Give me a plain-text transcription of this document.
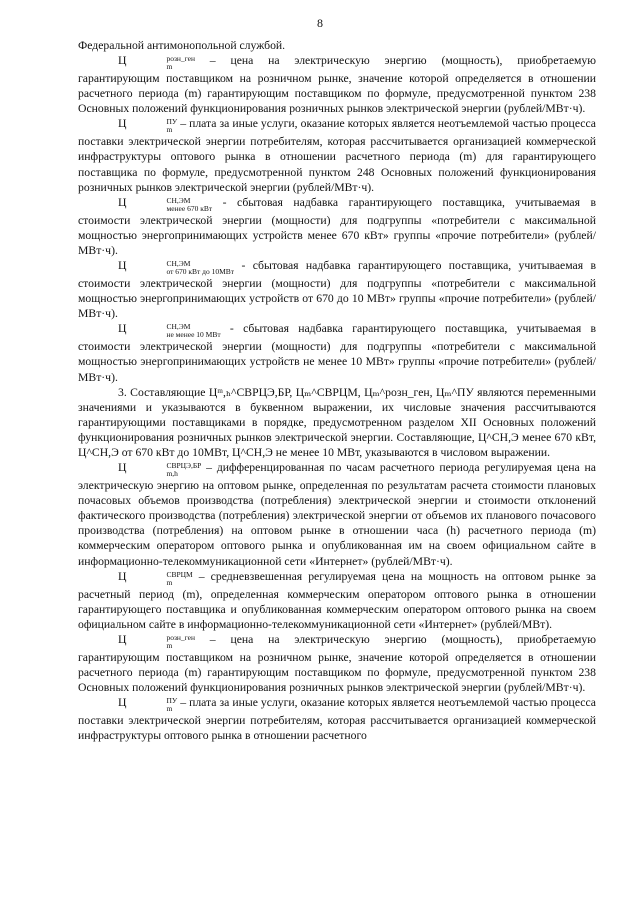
8

Федеральной антимонопольной службой.

Ц	розн_ген
m	– цена на электрическую энергию (мощность), приобретаемую гарантирующим поставщиком на розничном рынке, значение которой определяется в отношении расчетного периода (m) гарантирующим поставщиком по формуле, предусмотренной пунктом 238 Основных положений функционирования розничных рынков электрической энергии (рублей/МВт·ч).

Ц	ПУ
m – плата за иные услуги, оказание которых является неотъемлемой частью процесса поставки электрической энергии потребителям, которая рассчитывается организацией коммерческой инфраструктуры оптового рынка в отношении расчетного периода (m) для гарантирующего поставщика по формуле, предусмотренной пунктом 248 Основных положений функционирования розничных рынков электрической энергии (рублей/МВт·ч).

Ц	СН,ЭМ
менее 670 кВт - сбытовая надбавка гарантирующего поставщика, учитываемая в стоимости электрической энергии (мощности) для подгруппы «потребители с максимальной мощностью энергопринимающих устройств менее 670 кВт» группы «прочие потребители» (рублей/МВт·ч).

Ц	СН,ЭМ
от 670 кВт до 10МВт - сбытовая надбавка гарантирующего поставщика, учитываемая в стоимости электрической энергии (мощности) для подгруппы «потребители с максимальной мощностью энергопринимающих устройств от 670 до 10 МВт» группы «прочие потребители» (рублей/МВт·ч).

Ц	СН,ЭМ
не менее 10 МВт - сбытовая надбавка гарантирующего поставщика, учитываемая в стоимости электрической энергии (мощности) для подгруппы «потребители с максимальной мощностью энергопринимающих устройств не менее 10 МВт» группы «прочие потребители» (рублей/МВт·ч).

3. Составляющие Цᵐ,ₕ^СВРЦЭ,БР, Цₘ^СВРЦМ, Цₘ^розн_ген, Цₘ^ПУ являются переменными значениями и указываются в буквенном выражении, их числовые значения рассчитываются гарантирующими поставщиками в порядке, предусмотренном разделом XII Основных положений функционирования розничных рынков электрической энергии. Составляющие, Ц^СН,Э менее 670 кВт, Ц^СН,Э от 670 кВт до 10МВт, Ц^СН,Э не менее 10 МВт, указываются в числовом выражении.

Ц	СВРЦЭ,БР
m,h	– дифференцированная по часам расчетного периода регулируемая цена на электрическую энергию на оптовом рынке, определенная по результатам расчета стоимости плановых почасовых объемов производства (потребления) электрической энергии и стоимости отклонений фактического производства (потребления) электрической энергии от объемов их планового почасового производства (потребления) на оптовом рынке в отношении часа (h) расчетного периода (m) коммерческим оператором оптового рынка и опубликованная им на своем официальном сайте в информационно-телекоммуникационной сети «Интернет» (рублей/МВт·ч).

Ц	СВРЦМ
m	– средневзвешенная регулируемая цена на мощность на оптовом рынке за расчетный период (m), определенная коммерческим оператором оптового рынка в отношении гарантирующего поставщика и опубликованная коммерческим оператором оптового рынка на своем официальном сайте в информационно-телекоммуникационной сети «Интернет» (рублей/МВт).

Ц	розн_ген
m	– цена на электрическую энергию (мощность), приобретаемую гарантирующим поставщиком на розничном рынке, значение которой определяется в отношении расчетного периода (m) гарантирующим поставщиком по формуле, предусмотренной пунктом 238 Основных положений функционирования розничных рынков электрической энергии (рублей/МВт·ч).

Ц	ПУ
m – плата за иные услуги, оказание которых является неотъемлемой частью процесса поставки электрической энергии потребителям, которая рассчитывается организацией коммерческой инфраструктуры оптового рынка в отношении расчетного
